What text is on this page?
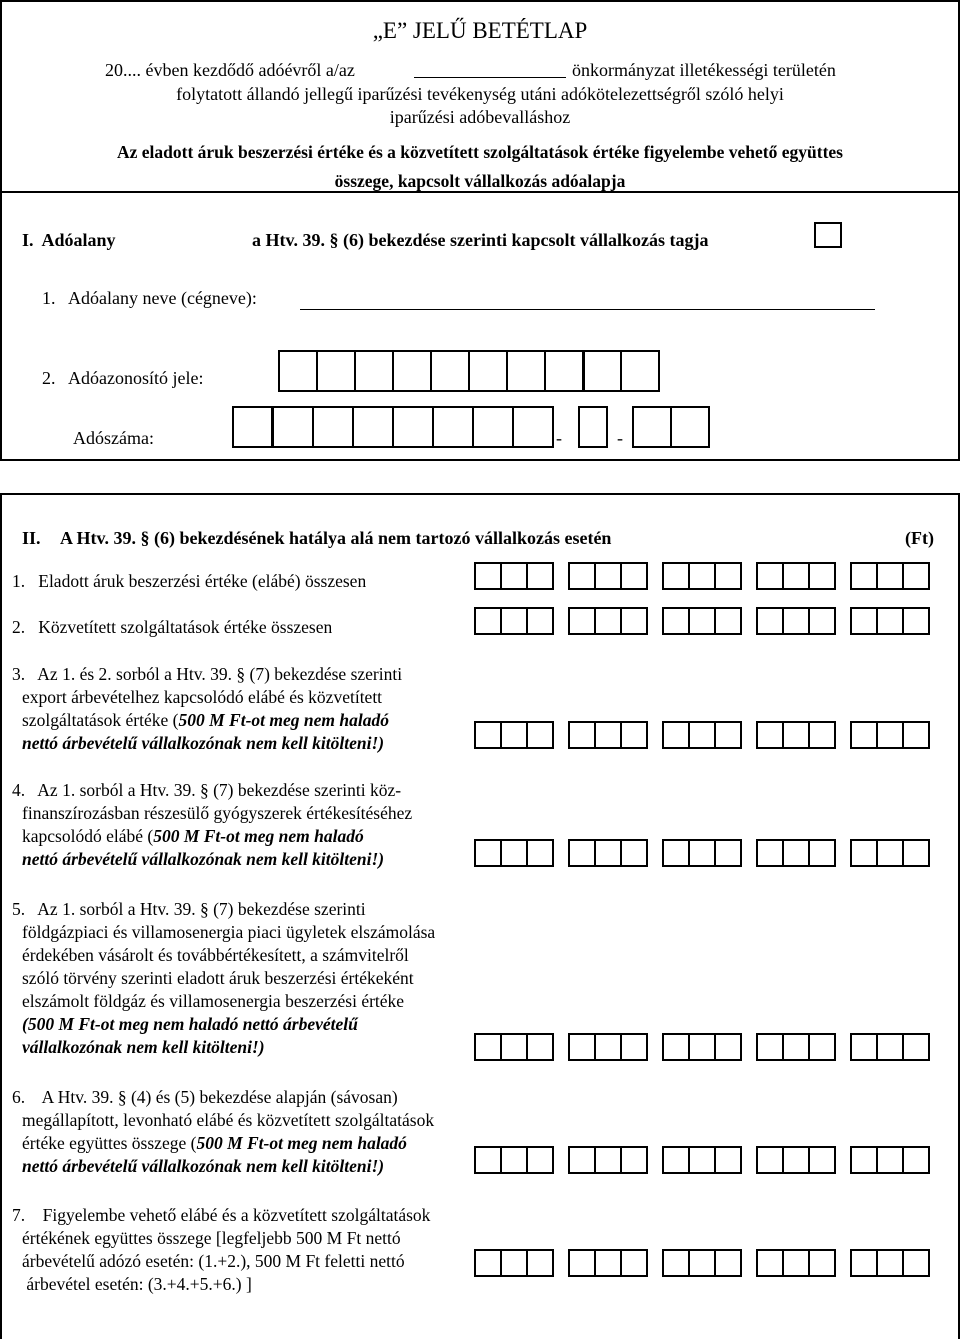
„E” JELŰ BETÉTLAP
20.... évben kezdődő adóévről a/az	önkormányzat illetékességi területén
folytatott állandó jellegű iparűzési tevékenység utáni adókötelezettségről szóló helyi
iparűzési adóbevalláshoz
Az eladott áruk beszerzési értéke és a közvetített szolgáltatások értéke figyelembe vehető együttes
összege, kapcsolt vállalkozás adóalapja
I.  Adóalany	a Htv. 39. § (6) bekezdése szerinti kapcsolt vállalkozás tagja
1.   Adóalany neve (cégneve):
2.   Adóazonosító jele:
Adószáma:	-	-
II. A Htv. 39. § (6) bekezdésének hatálya alá nem tartozó vállalkozás esetén	(Ft)
1.   Eladott áruk beszerzési értéke (elábé) összesen
2.   Közvetített szolgáltatások értéke összesen
3.   Az 1. és 2. sorból a Htv. 39. § (7) bekezdése szerinti
export árbevételhez kapcsolódó elábé és közvetített
szolgáltatások értéke (500 M Ft-ot meg nem haladó
nettó árbevételű vállalkozónak nem kell kitölteni!)
4.   Az 1. sorból a Htv. 39. § (7) bekezdése szerinti köz-
finanszírozásban részesülő gyógyszerek értékesítéséhez
kapcsolódó elábé (500 M Ft-ot meg nem haladó
nettó árbevételű vállalkozónak nem kell kitölteni!)
5.   Az 1. sorból a Htv. 39. § (7) bekezdése szerinti
földgázpiaci és villamosenergia piaci ügyletek elszámolása
érdekében vásárolt és továbbértékesített, a számvitelről
szóló törvény szerinti eladott áruk beszerzési értékeként
elszámolt földgáz és villamosenergia beszerzési értéke
(500 M Ft-ot meg nem haladó nettó árbevételű
vállalkozónak nem kell kitölteni!)
6.    A Htv. 39. § (4) és (5) bekezdése alapján (sávosan)
megállapított, levonható elábé és közvetített szolgáltatások
értéke együttes összege (500 M Ft-ot meg nem haladó
nettó árbevételű vállalkozónak nem kell kitölteni!)
7.    Figyelembe vehető elábé és a közvetített szolgáltatások
értékének együttes összege [legfeljebb 500 M Ft nettó
árbevételű adózó esetén: (1.+2.), 500 M Ft feletti nettó
árbevétel esetén: (3.+4.+5.+6.) ]
